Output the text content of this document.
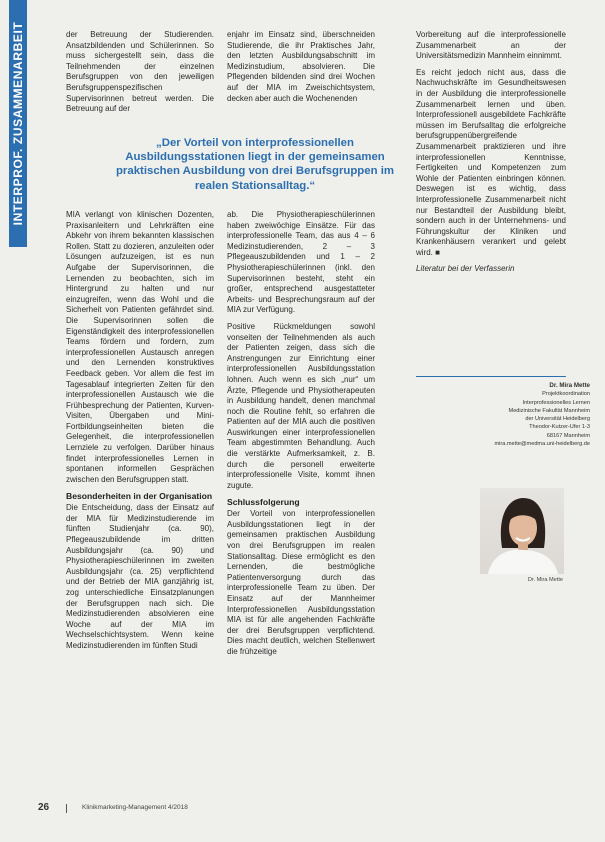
INTERPROF. ZUSAMMENARBEIT	der Betreuung der Studierenden. Ansatzbildenden und Schülerinnen. So muss sichergestellt sein, dass die Teilnehmenden der einzelnen Berufsgruppen von den jeweiligen Berufsgruppenspezifischen Supervisorinnen betreut werden. Die Betreuung auf der

enjahr im Einsatz sind, überschneiden Studierende, die ihr Praktisches Jahr, den letzten Ausbildungsabschnitt im Medizinstudium, absolvieren. Die Pflegenden bildenden sind drei Wochen auf der MIA im Zweischichtsystem, decken aber auch die Wochenenden

„Der Vorteil von interprofessionellen Ausbildungsstationen liegt in der gemeinsamen praktischen Ausbildung von drei Berufsgruppen im realen Stationsalltag.“

MIA verlangt von klinischen Dozenten, Praxisanleitern und Lehrkräften eine Abkehr von ihrem bekannten klassischen Rollen. Statt zu dozieren, anzuleiten oder Lösungen aufzuzeigen, ist es nun Aufgabe der Supervisorinnen, die Lernenden zu beobachten, sich im Hintergrund zu halten und nur einzugreifen, wenn das Wohl und die Sicherheit von Patienten gefährdet sind. Die Supervisorinnen sollen die Eigenständigkeit des interprofessionellen Teams fördern und fordern, zum interprofessionellen Austausch anregen und den Lernenden konstruktives Feedback geben. Vor allem die fest im Tagesablauf integrierten Zeiten für den interprofessionellen Austausch wie die Frühbesprechung der Patienten, Kurven-Visiten, Übergaben und Mini-Fortbildungseinheiten bieten die Gelegenheit, die interprofessionellen Lernziele zu verfolgen. Darüber hinaus findet interprofessionelles Lernen in spontanen informellen Gesprächen zwischen den Berufsgruppen statt.

Besonderheiten in der Organisation

Die Entscheidung, dass der Einsatz auf der MIA für Medizinstudierende im fünften Studienjahr (ca. 90), Pflegeauszubildende im dritten Ausbildungsjahr (ca. 90) und Physiotherapieschülerinnen im zweiten Ausbildungsjahr (ca. 25) verpflichtend und der Betrieb der MIA ganzjährig ist, zog unterschiedliche Einsatzplanungen der Berufsgruppen nach sich. Die Medizinstudierenden absolvieren eine Woche auf der MIA im Wechselschichtsystem. Wenn keine Medizinstudierenden im fünften Studi

ab. Die Physiotherapieschülerinnen haben zweiwöchige Einsätze. Für das interprofessionelle Team, das aus 4 – 6 Medizinstudierenden, 2 – 3 Pflegeauszubildenden und 1 – 2 Physiotherapieschülerinnen (inkl. den Supervisorinnen besteht, steht ein großer, entsprechend ausgestatteter Arbeits- und Besprechungsraum auf der MIA zur Verfügung.

Positive Rückmeldungen sowohl vonseiten der Teilnehmenden als auch der Patienten zeigen, dass sich die Anstrengungen zur Einrichtung einer interprofessionellen Ausbildungsstation lohnen. Auch wenn es sich „nur“ um Ärzte, Pflegende und Physiotherapeuten in Ausbildung handelt, denen manchmal noch die Routine fehlt, so erfahren die Patienten auf der MIA auch die positiven Auswirkungen einer interprofessionellen Team abgestimmten Behandlung. Auch die verstärkte Aufmerksamkeit, z. B. durch die personell erweiterte interprofessionelle Visite, kommt ihnen zugute.

Schlussfolgerung

Der Vorteil von interprofessionellen Ausbildungsstationen liegt in der gemeinsamen praktischen Ausbildung von drei Berufsgruppen im realen Stationsalltag. Diese ermöglicht es den Lernenden, die bestmögliche Patientenversorgung durch das interprofessionelle Team zu üben. Der Einsatz auf der Mannheimer Interprofessionellen Ausbildungsstation MIA ist für alle angehenden Fachkräfte der drei Berufsgruppen verpflichtend. Dies macht deutlich, welchen Stellenwert die frühzeitige

Vorbereitung auf die interprofessionelle Zusammenarbeit an der Universitätsmedizin Mannheim einnimmt.

Es reicht jedoch nicht aus, dass die Nachwuchskräfte im Gesundheitswesen in der Ausbildung die interprofessionelle Zusammenarbeit lernen und üben. Interprofessionell ausgebildete Fachkräfte müssen im Berufsalltag die erfolgreiche berufsgruppenübergreifende Zusammenarbeit praktizieren und ihre interprofessionellen Kenntnisse, Fertigkeiten und Kompetenzen zum Wohle der Patienten einbringen können. Deswegen ist es wichtig, dass Interprofessionelle Zusammenarbeit nicht nur Bestandteil der Ausbildung bleibt, sondern auch in der Unternehmens- und Führungskultur der Kliniken und Krankenhäusern verankert und gelebt wird. ■

Literatur bei der Verfasserin

Dr. Mira Mette
Projektkoordination
Interprofessionelles Lernen
Medizinische Fakultät Mannheim
der Universität Heidelberg
Theodor-Kutzer-Ufer 1-3
68167 Mannheim
mira.mette@medma.uni-heidelberg.de
Dr. Mira Mette
26	Klinikmarketing-Management 4/2018
